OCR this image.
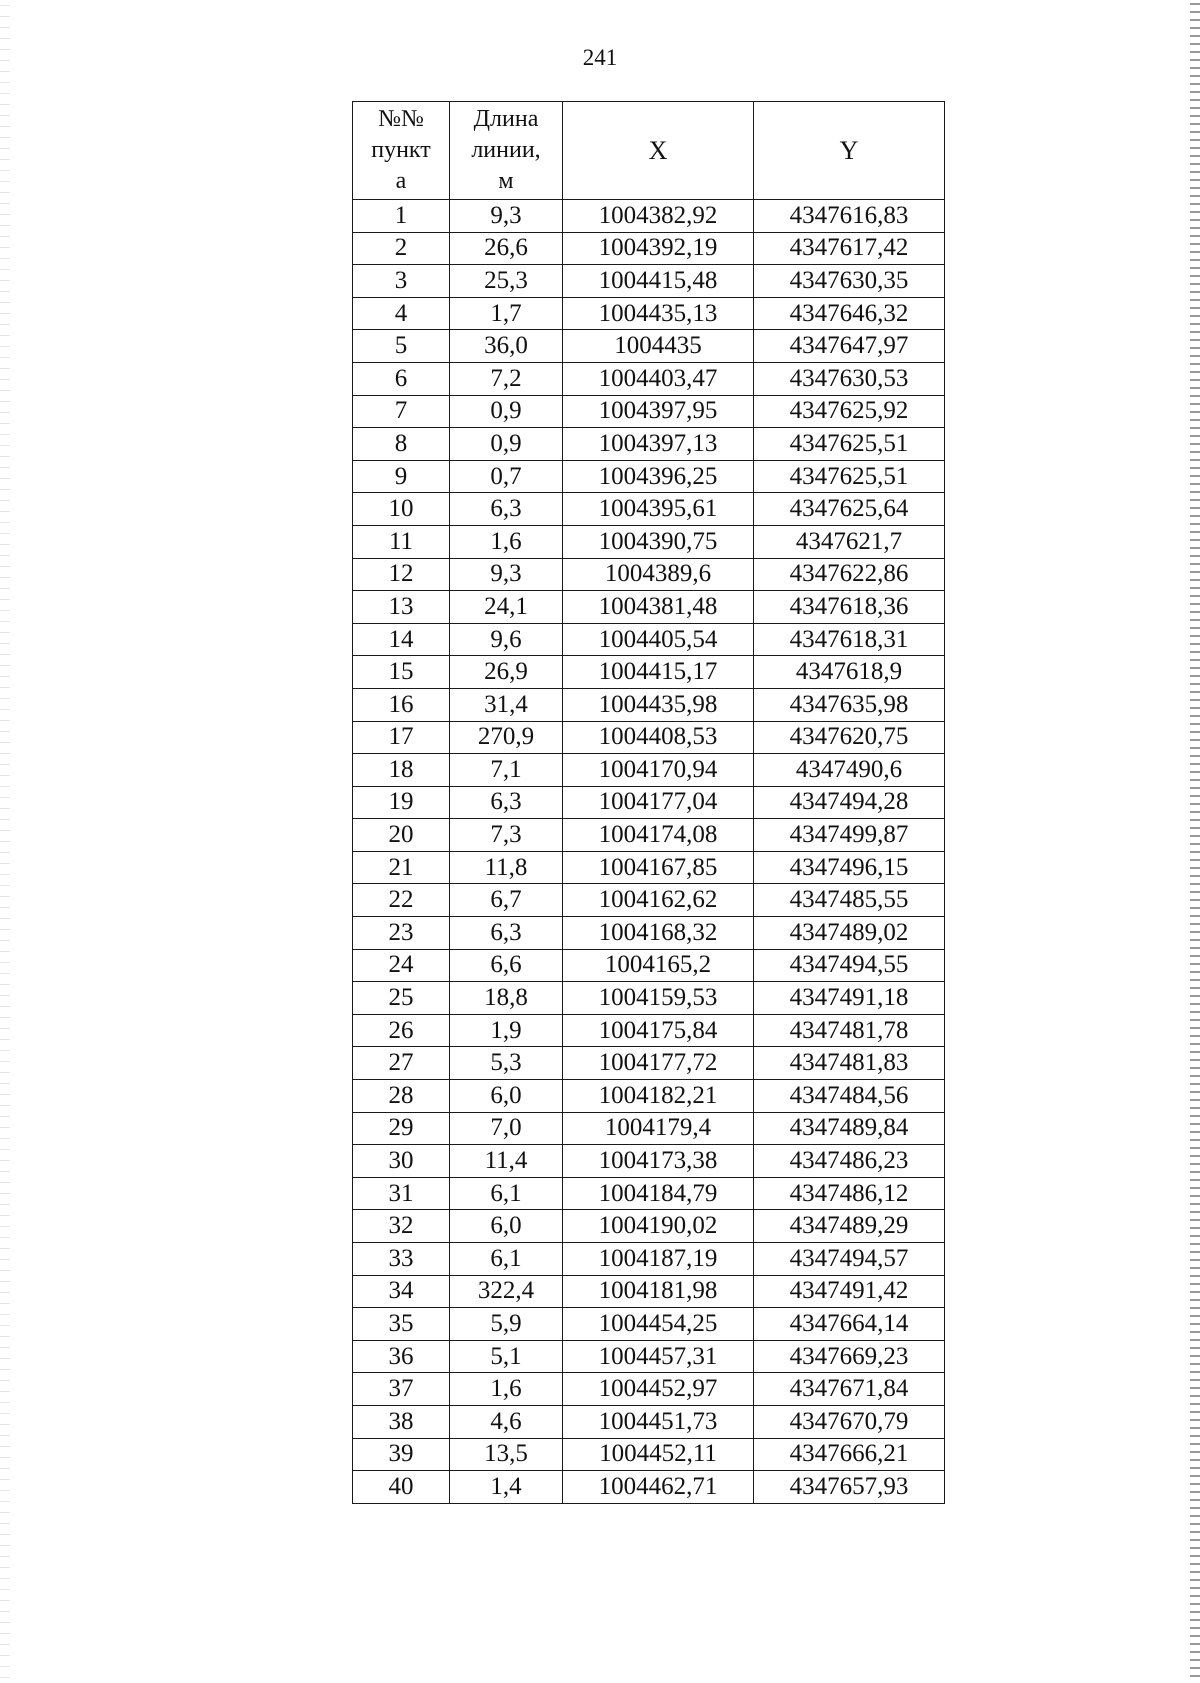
241
№№
пункт
а	Длина
линии,
м	X	Y
1	9,3	1004382,92	4347616,83
2	26,6	1004392,19	4347617,42
3	25,3	1004415,48	4347630,35
4	1,7	1004435,13	4347646,32
5	36,0	1004435	4347647,97
6	7,2	1004403,47	4347630,53
7	0,9	1004397,95	4347625,92
8	0,9	1004397,13	4347625,51
9	0,7	1004396,25	4347625,51
10	6,3	1004395,61	4347625,64
11	1,6	1004390,75	4347621,7
12	9,3	1004389,6	4347622,86
13	24,1	1004381,48	4347618,36
14	9,6	1004405,54	4347618,31
15	26,9	1004415,17	4347618,9
16	31,4	1004435,98	4347635,98
17	270,9	1004408,53	4347620,75
18	7,1	1004170,94	4347490,6
19	6,3	1004177,04	4347494,28
20	7,3	1004174,08	4347499,87
21	11,8	1004167,85	4347496,15
22	6,7	1004162,62	4347485,55
23	6,3	1004168,32	4347489,02
24	6,6	1004165,2	4347494,55
25	18,8	1004159,53	4347491,18
26	1,9	1004175,84	4347481,78
27	5,3	1004177,72	4347481,83
28	6,0	1004182,21	4347484,56
29	7,0	1004179,4	4347489,84
30	11,4	1004173,38	4347486,23
31	6,1	1004184,79	4347486,12
32	6,0	1004190,02	4347489,29
33	6,1	1004187,19	4347494,57
34	322,4	1004181,98	4347491,42
35	5,9	1004454,25	4347664,14
36	5,1	1004457,31	4347669,23
37	1,6	1004452,97	4347671,84
38	4,6	1004451,73	4347670,79
39	13,5	1004452,11	4347666,21
40	1,4	1004462,71	4347657,93
